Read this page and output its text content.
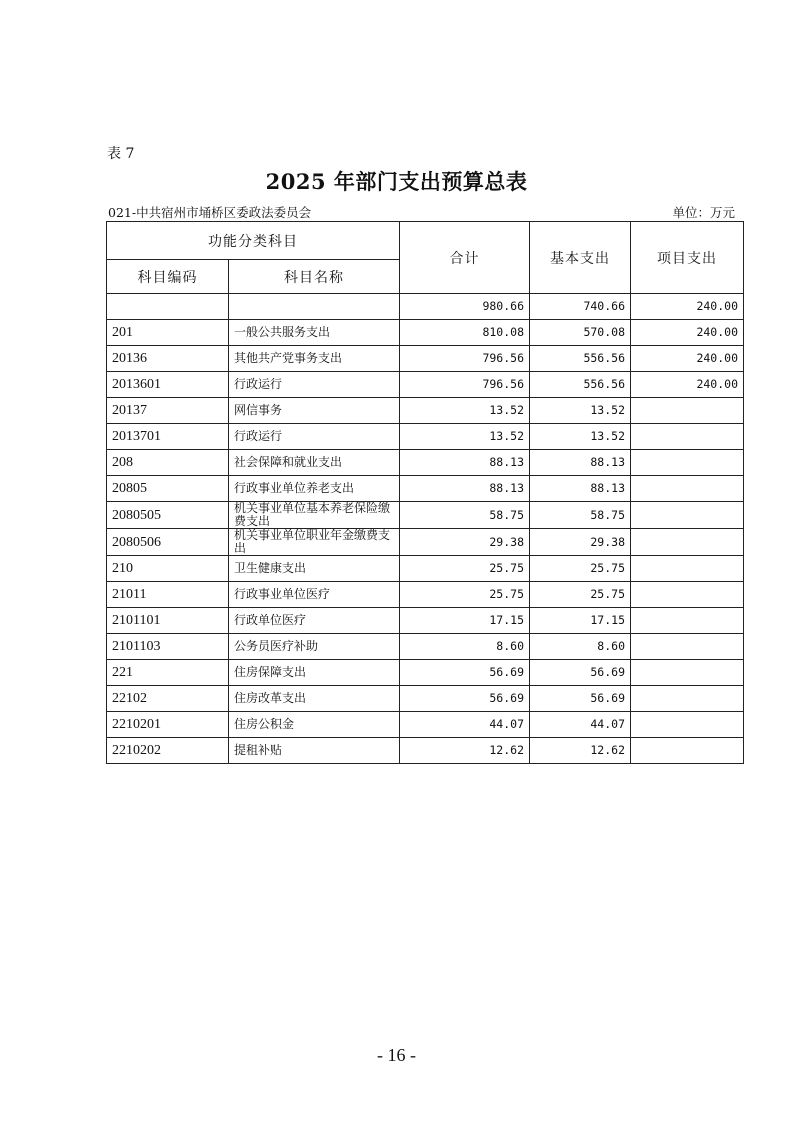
表 7
2025 年部门支出预算总表
021-中共宿州市埇桥区委政法委员会	单位：万元
功能分类科目		合计	基本支出	项目支出
科目编码	科目名称			
		980.66	740.66	240.00
201	一般公共服务支出	810.08	570.08	240.00
20136	其他共产党事务支出	796.56	556.56	240.00
2013601	行政运行	796.56	556.56	240.00
20137	网信事务	13.52	13.52	
2013701	行政运行	13.52	13.52	
208	社会保障和就业支出	88.13	88.13	
20805	行政事业单位养老支出	88.13	88.13	
2080505	机关事业单位基本养老保险缴费支出	58.75	58.75	
2080506	机关事业单位职业年金缴费支出	29.38	29.38	
210	卫生健康支出	25.75	25.75	
21011	行政事业单位医疗	25.75	25.75	
2101101	行政单位医疗	17.15	17.15	
2101103	公务员医疗补助	8.60	8.60	
221	住房保障支出	56.69	56.69	
22102	住房改革支出	56.69	56.69	
2210201	住房公积金	44.07	44.07	
2210202	提租补贴	12.62	12.62	
- 16 -
